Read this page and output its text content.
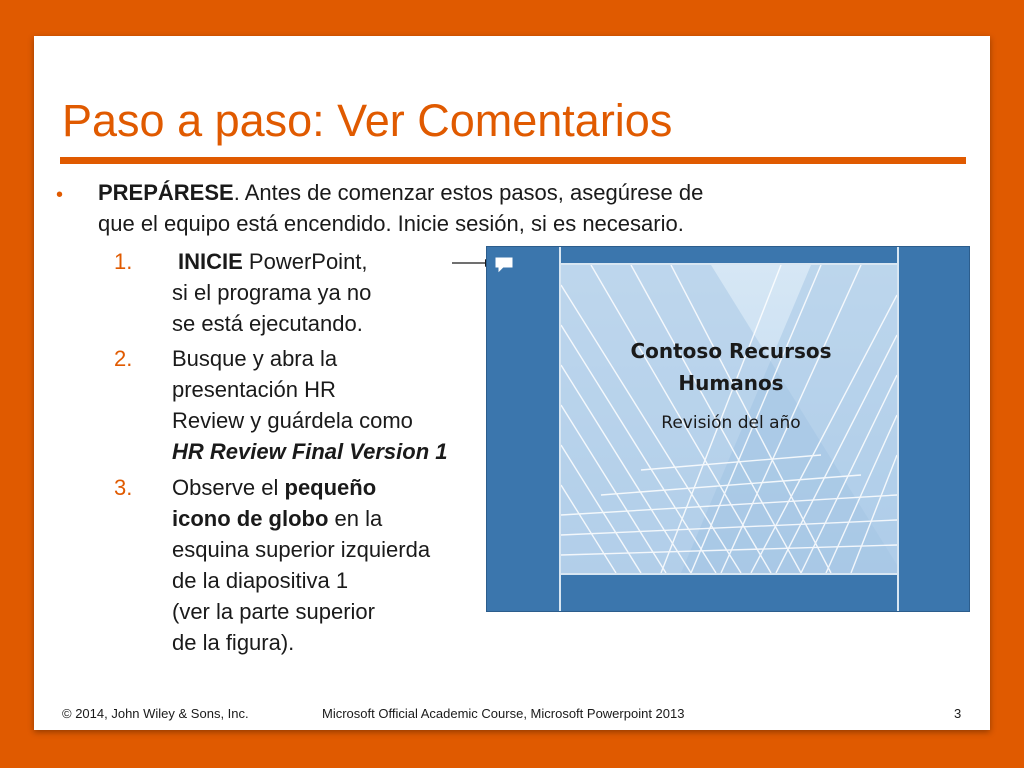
Paso a paso: Ver Comentarios
•	PREPÁRESE. Antes de comenzar estos pasos, asegúrese de
que el equipo está encendido. Inicie sesión, si es necesario.
1.	INICIE PowerPoint,
si el programa ya no
se está ejecutando.
2.	Busque y abra la
presentación HR
Review y guárdela como
HR Review Final Version 1
3.	Observe el pequeño
icono de globo en la
esquina superior izquierda
de la diapositiva 1
(ver la parte superior
de la figura).
Contoso Recursos
Humanos
Revisión del año
© 2014, John Wiley & Sons, Inc.	Microsoft Official Academic Course, Microsoft Powerpoint 2013	3
